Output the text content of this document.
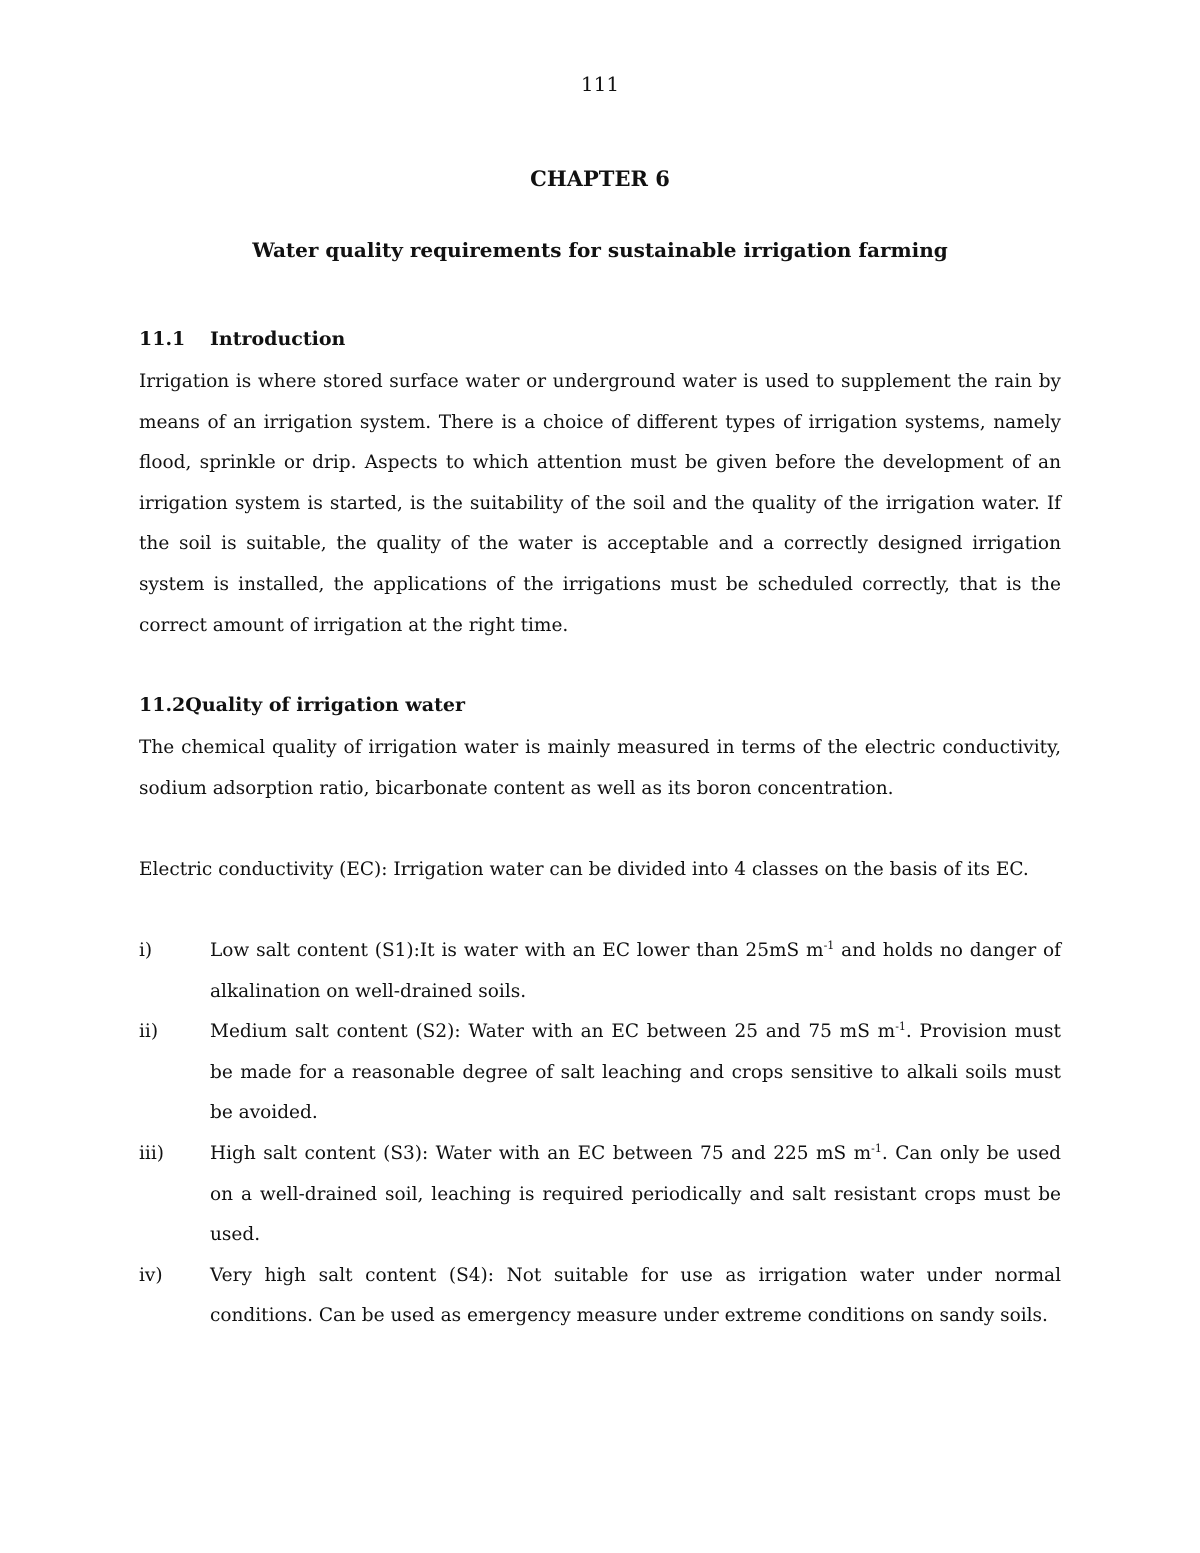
111
CHAPTER 6
Water quality requirements for sustainable irrigation farming
11.1 Introduction

Irrigation is where stored surface water or underground water is used to supplement the rain by means of an irrigation system. There is a choice of different types of irrigation systems, namely flood, sprinkle or drip. Aspects to which attention must be given before the development of an irrigation system is started, is the suitability of the soil and the quality of the irrigation water. If the soil is suitable, the quality of the water is acceptable and a correctly designed irrigation system is installed, the applications of the irrigations must be scheduled correctly, that is the correct amount of irrigation at the right time.

11.2Quality of irrigation water

The chemical quality of irrigation water is mainly measured in terms of the electric conductivity, sodium adsorption ratio, bicarbonate content as well as its boron concentration.

Electric conductivity (EC): Irrigation water can be divided into 4 classes on the basis of its EC.

i)	Low salt content (S1):It is water with an EC lower than 25mS $m^{-1}$ and holds no danger of alkalination on well-drained soils.
ii)	Medium salt content (S2): Water with an EC between 25 and 75 mS $m^{-1}$. Provision must be made for a reasonable degree of salt leaching and crops sensitive to alkali soils must be avoided.
iii)	High salt content (S3): Water with an EC between 75 and 225 mS $m^{-1}$. Can only be used on a well-drained soil, leaching is required periodically and salt resistant crops must be used.
iv)	Very high salt content (S4): Not suitable for use as irrigation water under normal conditions. Can be used as emergency measure under extreme conditions on sandy soils.
